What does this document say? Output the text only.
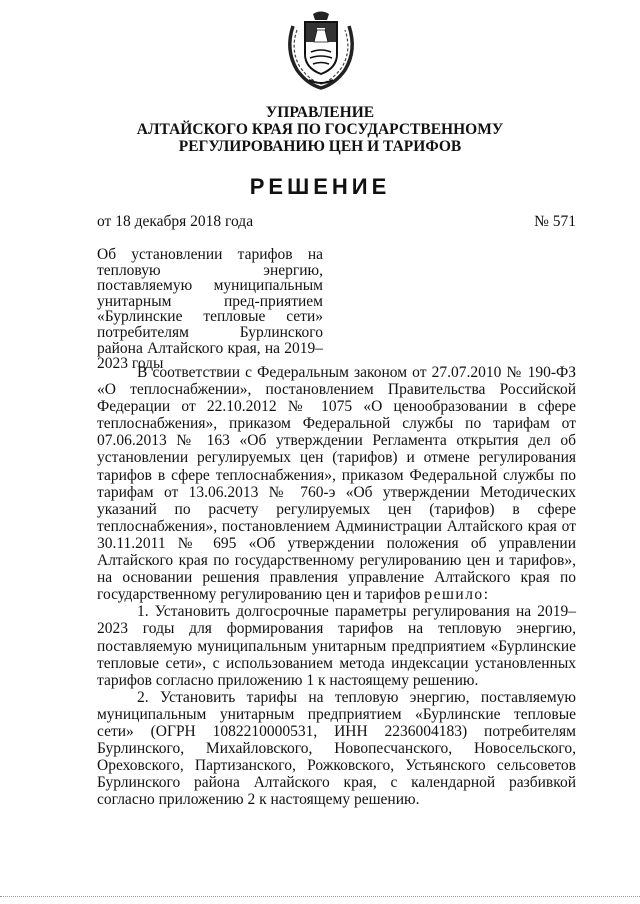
УПРАВЛЕНИЕ
АЛТАЙСКОГО КРАЯ ПО ГОСУДАРСТВЕННОМУ
РЕГУЛИРОВАНИЮ ЦЕН И ТАРИФОВ
РЕШЕНИЕ
от 18 декабря 2018 года	№ 571
Об установлении тарифов на тепловую энергию, поставляемую муниципальным унитарным пред-приятием «Бурлинские тепловые сети» потребителям Бурлинского района Алтайского края, на 2019–2023 годы

В соответствии с Федеральным законом от 27.07.2010 № 190-ФЗ «О теплоснабжении», постановлением Правительства Российской Федерации от 22.10.2012 № 1075 «О ценообразовании в сфере теплоснабжения», приказом Федеральной службы по тарифам от 07.06.2013 № 163 «Об утверждении Регламента открытия дел об установлении регулируемых цен (тарифов) и отмене регулирования тарифов в сфере теплоснабжения», приказом Федеральной службы по тарифам от 13.06.2013 № 760-э «Об утверждении Методических указаний по расчету регулируемых цен (тарифов) в сфере теплоснабжения», постановлением Администрации Алтайского края от 30.11.2011 № 695 «Об утверждении положения об управлении Алтайского края по государственному регулированию цен и тарифов», на основании решения правления управление Алтайского края по государственному регулированию цен и тарифов решило:

1. Установить долгосрочные параметры регулирования на 2019–2023 годы для формирования тарифов на тепловую энергию, поставляемую муниципальным унитарным предприятием «Бурлинские тепловые сети», с использованием метода индексации установленных тарифов согласно приложению 1 к настоящему решению.

2. Установить тарифы на тепловую энергию, поставляемую муниципальным унитарным предприятием «Бурлинские тепловые сети» (ОГРН 1082210000531, ИНН 2236004183) потребителям Бурлинского, Михайловского, Новопесчанского, Новосельского, Ореховского, Партизанского, Рожковского, Устьянского сельсоветов Бурлинского района Алтайского края, с календарной разбивкой согласно приложению 2 к настоящему решению.
